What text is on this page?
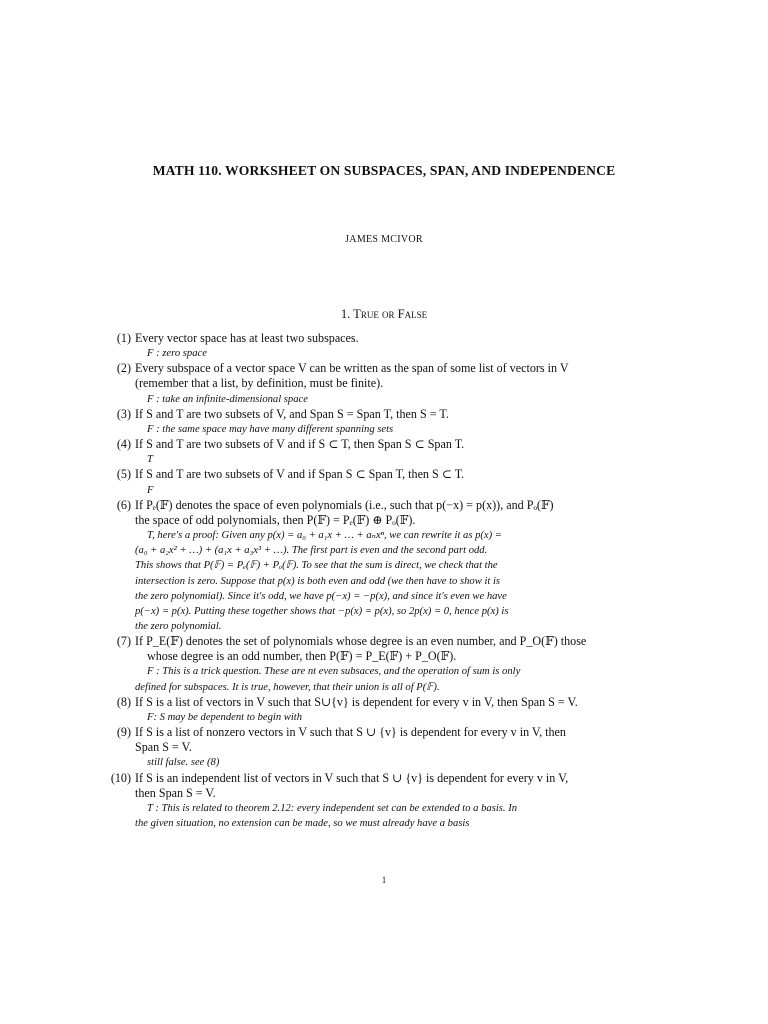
MATH 110. WORKSHEET ON SUBSPACES, SPAN, AND INDEPENDENCE
JAMES MCIVOR
1. True or False
(1) Every vector space has at least two subspaces.
F : zero space
(2) Every subspace of a vector space V can be written as the span of some list of vectors in V
(remember that a list, by definition, must be finite).
F : take an infinite-dimensional space
(3) If S and T are two subsets of V, and Span S = Span T, then S = T.
F : the same space may have many different spanning sets
(4) If S and T are two subsets of V and if S ⊂ T, then Span S ⊂ Span T.
T
(5) If S and T are two subsets of V and if Span S ⊂ Span T, then S ⊂ T.
F
(6) If Pₑ(𝔽) denotes the space of even polynomials (i.e., such that p(−x) = p(x)), and Pₒ(𝔽)
the space of odd polynomials, then P(𝔽) = Pₑ(𝔽) ⊕ Pₒ(𝔽).
T, here's a proof: Given any p(x) = a₀ + a₁x + … + aₙxⁿ, we can rewrite it as p(x) =
(a₀ + a₂x² + …) + (a₁x + a₃x³ + …). The first part is even and the second part odd.
This shows that P(𝔽) = Pₑ(𝔽) + Pₒ(𝔽). To see that the sum is direct, we check that the
intersection is zero. Suppose that p(x) is both even and odd (we then have to show it is
the zero polynomial). Since it's odd, we have p(−x) = −p(x), and since it's even we have
p(−x) = p(x). Putting these together shows that −p(x) = p(x), so 2p(x) = 0, hence p(x) is
the zero polynomial.
(7) If P_E(𝔽) denotes the set of polynomials whose degree is an even number, and P_O(𝔽) those
whose degree is an odd number, then P(𝔽) = P_E(𝔽) + P_O(𝔽).
F : This is a trick question. These are nt even subsaces, and the operation of sum is only
defined for subspaces. It is true, however, that their union is all of P(𝔽).
(8) If S is a list of vectors in V such that S∪{v} is dependent for every v in V, then Span S = V.
F: S may be dependent to begin with
(9) If S is a list of nonzero vectors in V such that S ∪ {v} is dependent for every v in V, then
Span S = V.
still false. see (8)
(10) If S is an independent list of vectors in V such that S ∪ {v} is dependent for every v in V,
then Span S = V.
T : This is related to theorem 2.12: every independent set can be extended to a basis. In
the given situation, no extension can be made, so we must already have a basis
1
